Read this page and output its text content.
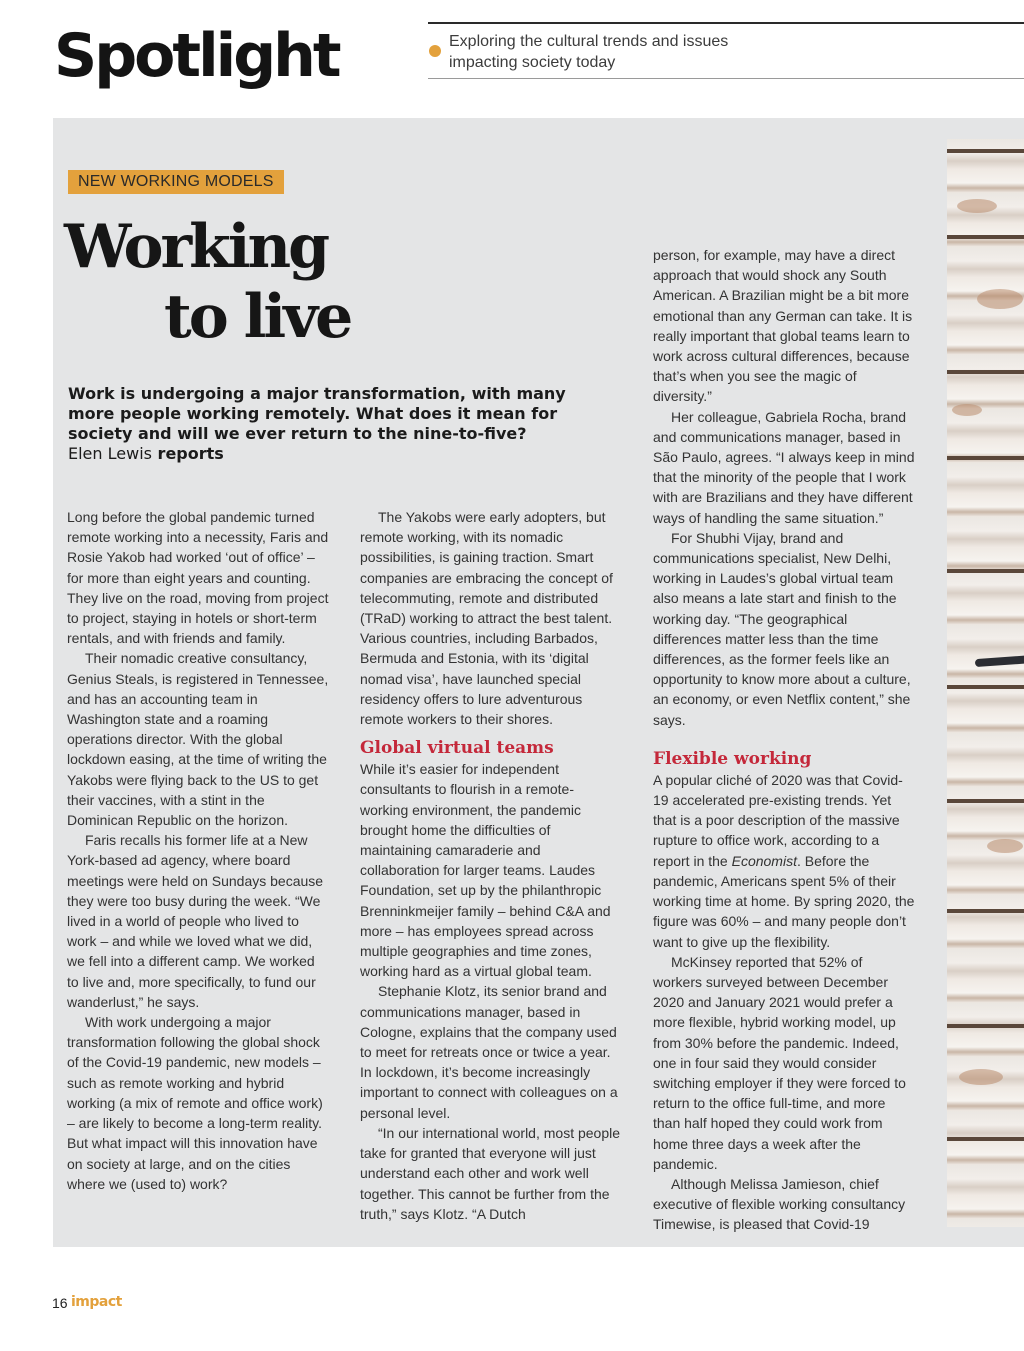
Spotlight	Exploring the cultural trends and issues impacting society today
NEW WORKING MODELS
Working
to live
Work is undergoing a major transformation, with many more people working remotely. What does it mean for society and will we ever return to the nine-to-five?
Elen Lewis reports

Long before the global pandemic turned remote working into a necessity, Faris and Rosie Yakob had worked ‘out of office’ – for more than eight years and counting. They live on the road, moving from project to project, staying in hotels or short-term rentals, and with friends and family.

Their nomadic creative consultancy, Genius Steals, is registered in Tennessee, and has an accounting team in Washington state and a roaming operations director. With the global lockdown easing, at the time of writing the Yakobs were flying back to the US to get their vaccines, with a stint in the Dominican Republic on the horizon.

Faris recalls his former life at a New York-based ad agency, where board meetings were held on Sundays because they were too busy during the week. “We lived in a world of people who lived to work – and while we loved what we did, we fell into a different camp. We worked to live and, more specifically, to fund our wanderlust,” he says.

With work undergoing a major transformation following the global shock of the Covid-19 pandemic, new models – such as remote working and hybrid working (a mix of remote and office work) – are likely to become a long-term reality. But what impact will this innovation have on society at large, and on the cities where we (used to) work?

The Yakobs were early adopters, but remote working, with its nomadic possibilities, is gaining traction. Smart companies are embracing the concept of telecommuting, remote and distributed (TRaD) working to attract the best talent. Various countries, including Barbados, Bermuda and Estonia, with its ‘digital nomad visa’, have launched special residency offers to lure adventurous remote workers to their shores.

Global virtual teams

While it’s easier for independent consultants to flourish in a remote-working environment, the pandemic brought home the difficulties of maintaining camaraderie and collaboration for larger teams. Laudes Foundation, set up by the philanthropic Brenninkmeijer family – behind C&A and more – has employees spread across multiple geographies and time zones, working hard as a virtual global team.

Stephanie Klotz, its senior brand and communications manager, based in Cologne, explains that the company used to meet for retreats once or twice a year. In lockdown, it’s become increasingly important to connect with colleagues on a personal level.

“In our international world, most people take for granted that everyone will just understand each other and work well together. This cannot be further from the truth,” says Klotz. “A Dutch

person, for example, may have a direct approach that would shock any South American. A Brazilian might be a bit more emotional than any German can take. It is really important that global teams learn to work across cultural differences, because that’s when you see the magic of diversity.”

Her colleague, Gabriela Rocha, brand and communications manager, based in São Paulo, agrees. “I always keep in mind that the minority of the people that I work with are Brazilians and they have different ways of handling the same situation.”

For Shubhi Vijay, brand and communications specialist, New Delhi, working in Laudes’s global virtual team also means a late start and finish to the working day. “The geographical differences matter less than the time differences, as the former feels like an opportunity to know more about a culture, an economy, or even Netflix content,” she says.

Flexible working

A popular cliché of 2020 was that Covid-19 accelerated pre-existing trends. Yet that is a poor description of the massive rupture to office work, according to a report in the Economist. Before the pandemic, Americans spent 5% of their working time at home. By spring 2020, the figure was 60% – and many people don’t want to give up the flexibility.

McKinsey reported that 52% of workers surveyed between December 2020 and January 2021 would prefer a more flexible, hybrid working model, up from 30% before the pandemic. Indeed, one in four said they would consider switching employer if they were forced to return to the office full-time, and more than half hoped they could work from home three days a week after the pandemic.

Although Melissa Jamieson, chief executive of flexible working consultancy Timewise, is pleased that Covid-19

16 impact
